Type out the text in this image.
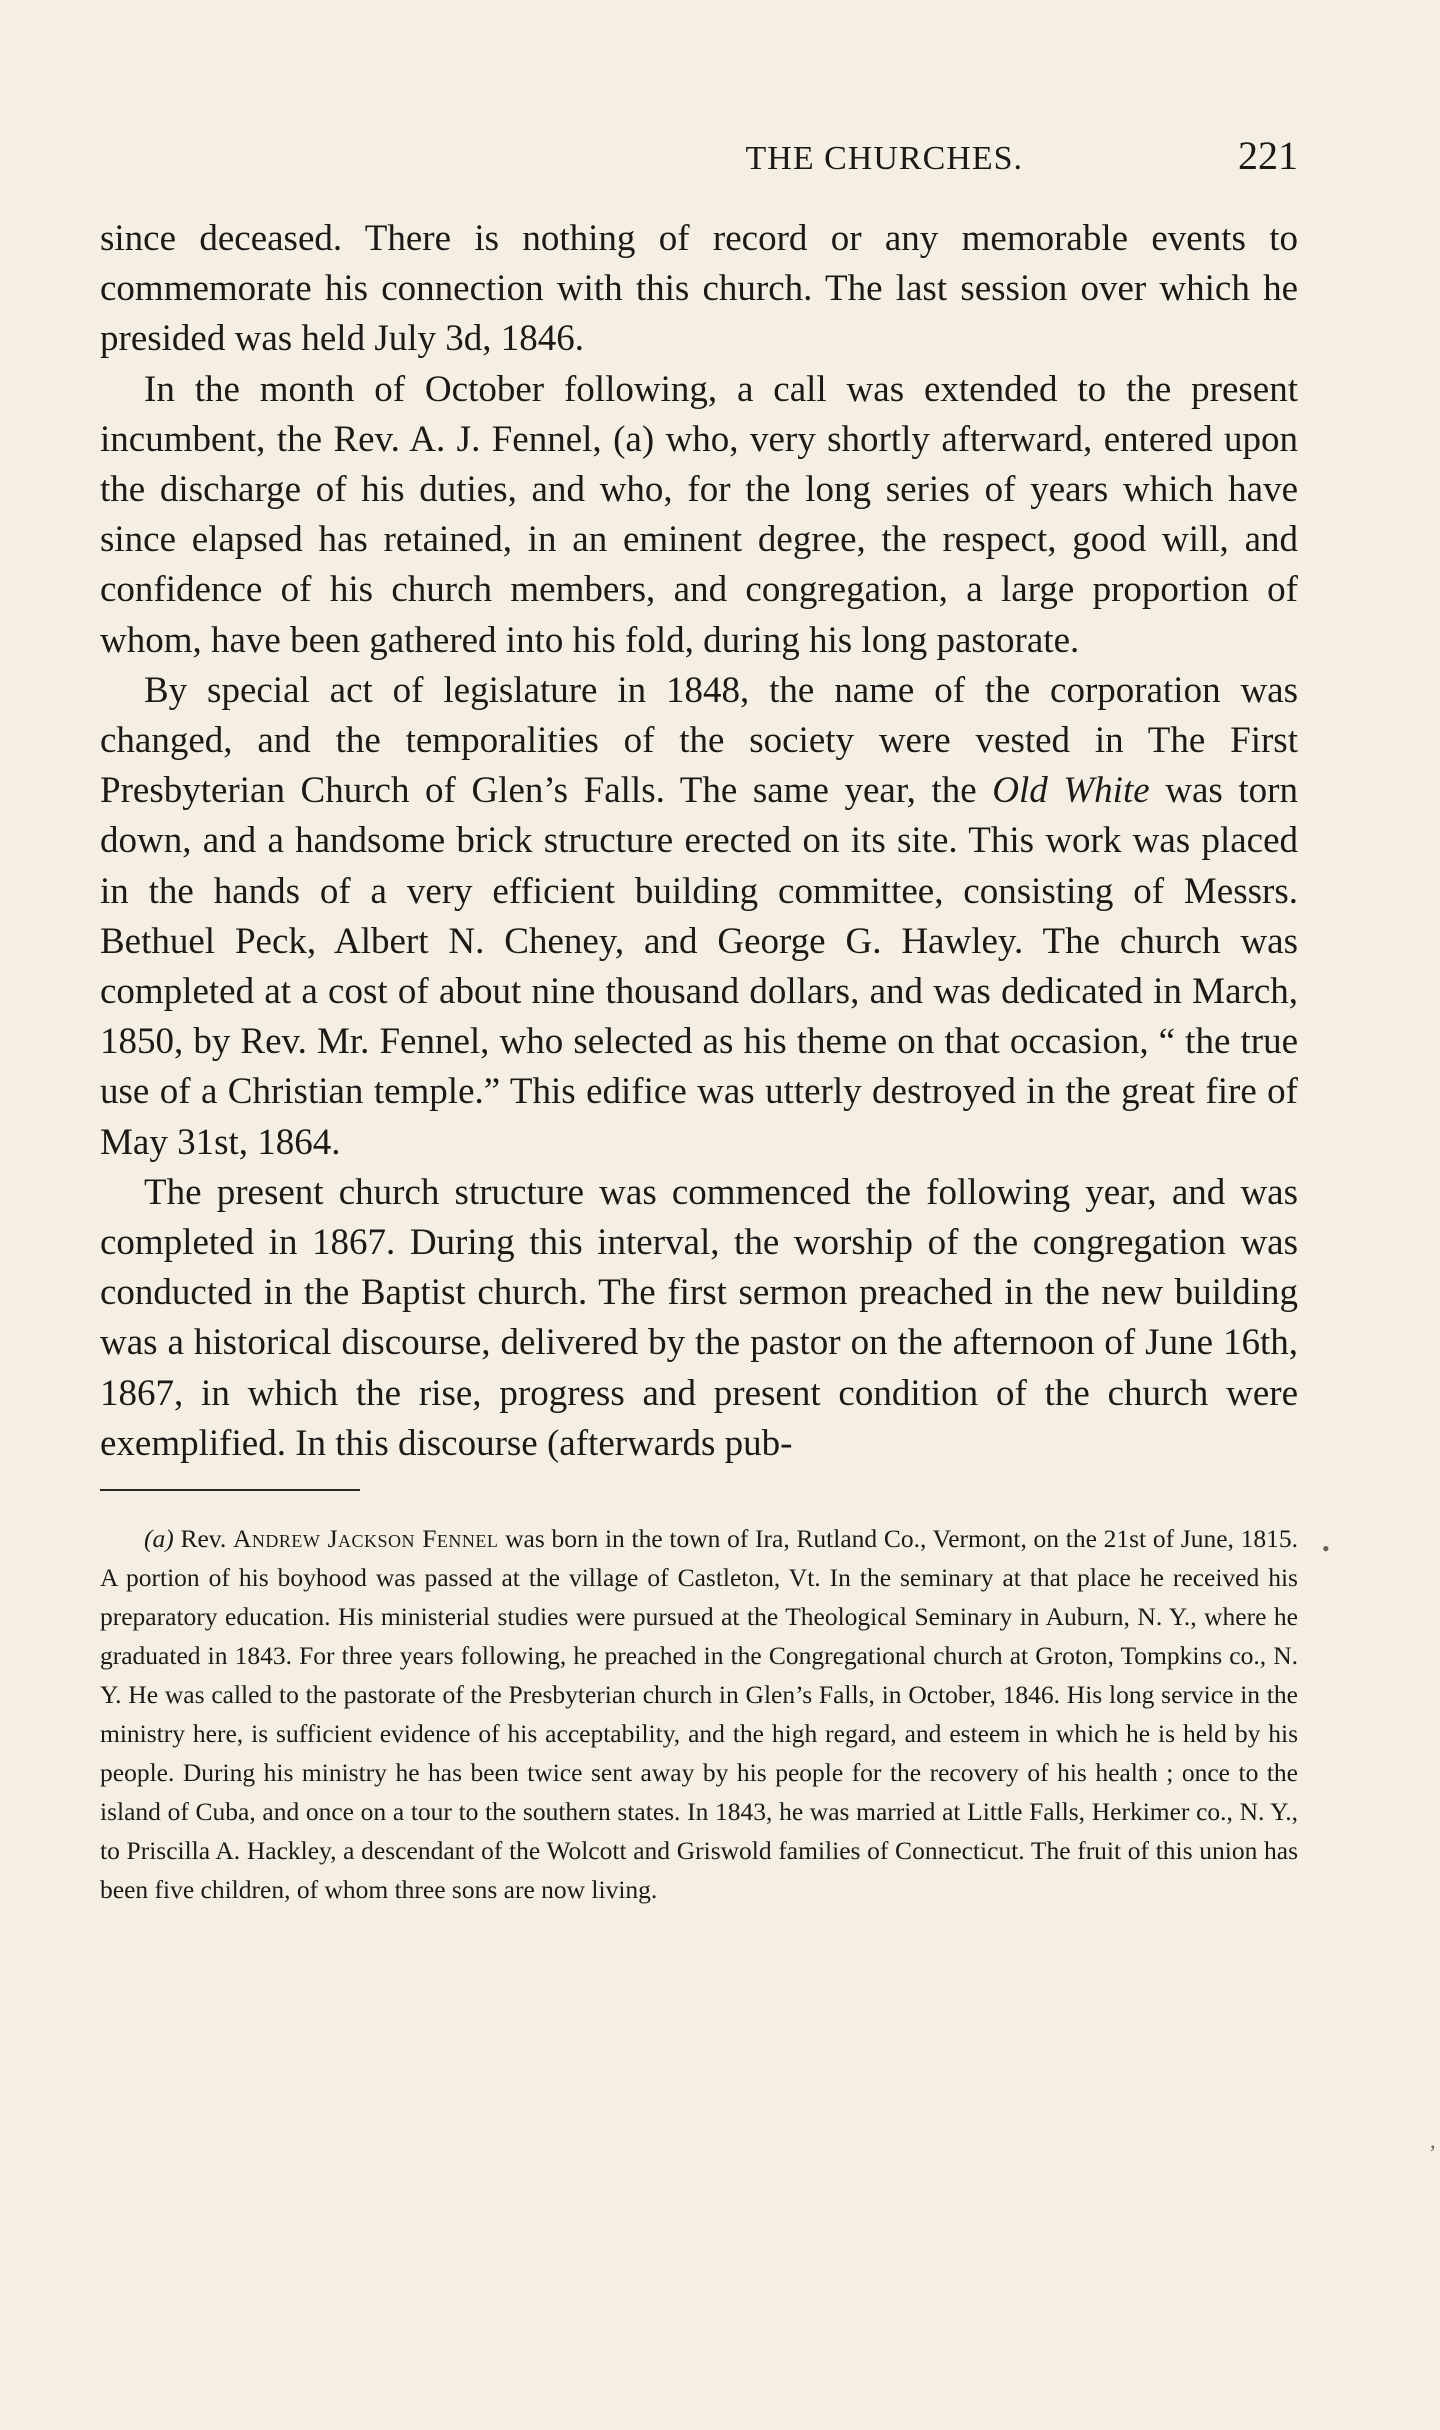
THE CHURCHES.	221

since deceased. There is nothing of record or any memorable events to commemorate his connection with this church. The last session over which he presided was held July 3d, 1846.

In the month of October following, a call was extended to the present incumbent, the Rev. A. J. Fennel, (a) who, very shortly afterward, entered upon the discharge of his duties, and who, for the long series of years which have since elapsed has retained, in an eminent degree, the respect, good will, and confidence of his church members, and congregation, a large proportion of whom, have been gathered into his fold, during his long pastorate.

By special act of legislature in 1848, the name of the corporation was changed, and the temporalities of the society were vested in The First Presbyterian Church of Glen’s Falls. The same year, the Old White was torn down, and a handsome brick structure erected on its site. This work was placed in the hands of a very efficient building committee, consisting of Messrs. Bethuel Peck, Albert N. Cheney, and George G. Hawley. The church was completed at a cost of about nine thousand dollars, and was dedicated in March, 1850, by Rev. Mr. Fennel, who selected as his theme on that occasion, “ the true use of a Christian temple.” This edifice was utterly destroyed in the great fire of May 31st, 1864.

The present church structure was commenced the following year, and was completed in 1867. During this interval, the worship of the congregation was conducted in the Baptist church. The first sermon preached in the new building was a historical discourse, delivered by the pastor on the afternoon of June 16th, 1867, in which the rise, progress and present condition of the church were exemplified. In this discourse (afterwards pub-

(a) Rev. Andrew Jackson Fennel was born in the town of Ira, Rutland Co., Vermont, on the 21st of June, 1815. A portion of his boyhood was passed at the village of Castleton, Vt. In the seminary at that place he received his preparatory education. His ministerial studies were pursued at the Theological Seminary in Auburn, N. Y., where he graduated in 1843. For three years following, he preached in the Congregational church at Groton, Tompkins co., N. Y. He was called to the pastorate of the Presbyterian church in Glen’s Falls, in October, 1846. His long service in the ministry here, is sufficient evidence of his acceptability, and the high regard, and esteem in which he is held by his people. During his ministry he has been twice sent away by his people for the recovery of his health ; once to the island of Cuba, and once on a tour to the southern states. In 1843, he was married at Little Falls, Herkimer co., N. Y., to Priscilla A. Hackley, a descendant of the Wolcott and Griswold families of Connecticut. The fruit of this union has been five children, of whom three sons are now living.

•
,
